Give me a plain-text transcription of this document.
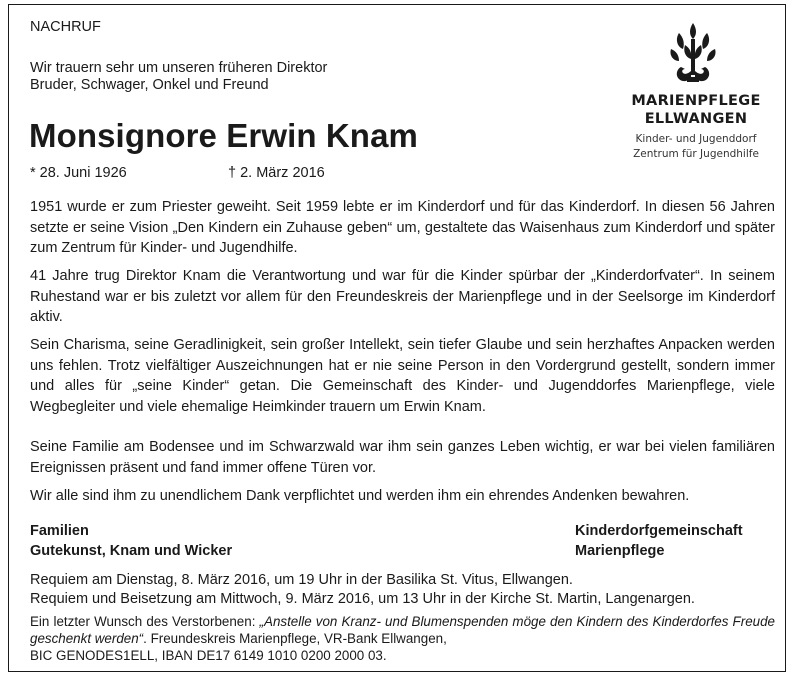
NACHRUF

Wir trauern sehr um unseren früheren Direktor
Bruder, Schwager, Onkel und Freund
Monsignore Erwin Knam
* 28. Juni 1926	† 2. März 2016
MARIENPFLEGE
ELLWANGEN
Kinder- und Jugenddorf
Zentrum für Jugendhilfe

1951 wurde er zum Priester geweiht. Seit 1959 lebte er im Kinderdorf und für das Kinderdorf. In diesen 56 Jahren setzte er seine Vision „Den Kindern ein Zuhause geben“ um, gestaltete das Waisenhaus zum Kinderdorf und später zum Zentrum für Kinder- und Jugendhilfe.

41 Jahre trug Direktor Knam die Verantwortung und war für die Kinder spürbar der „Kinderdorfvater“. In seinem Ruhestand war er bis zuletzt vor allem für den Freundeskreis der Marienpflege und in der Seelsorge im Kinderdorf aktiv.

Sein Charisma, seine Geradlinigkeit, sein großer Intellekt, sein tiefer Glaube und sein herzhaftes Anpacken werden uns fehlen. Trotz vielfältiger Auszeichnungen hat er nie seine Person in den Vordergrund gestellt, sondern immer und alles für „seine Kinder“ getan. Die Gemeinschaft des Kinder- und Jugenddorfes Marienpflege, viele Wegbegleiter und viele ehemalige Heimkinder trauern um Erwin Knam.

Seine Familie am Bodensee und im Schwarzwald war ihm sein ganzes Leben wichtig, er war bei vielen familiären Ereignissen präsent und fand immer offene Türen vor.

Wir alle sind ihm zu unendlichem Dank verpflichtet und werden ihm ein ehrendes Andenken bewahren.

Familien
Gutekunst, Knam und Wicker
Kinderdorfgemeinschaft
Marienpflege
Requiem am Dienstag, 8. März 2016, um 19 Uhr in der Basilika St. Vitus, Ellwangen.
Requiem und Beisetzung am Mittwoch, 9. März 2016, um 13 Uhr in der Kirche St. Martin, Langenargen.

Ein letzter Wunsch des Verstorbenen: „Anstelle von Kranz- und Blumenspenden möge den Kindern des Kinderdorfes Freude geschenkt werden“. Freundeskreis Marienpflege, VR-Bank Ellwangen,
BIC GENODES1ELL, IBAN DE17 6149 1010 0200 2000 03.
